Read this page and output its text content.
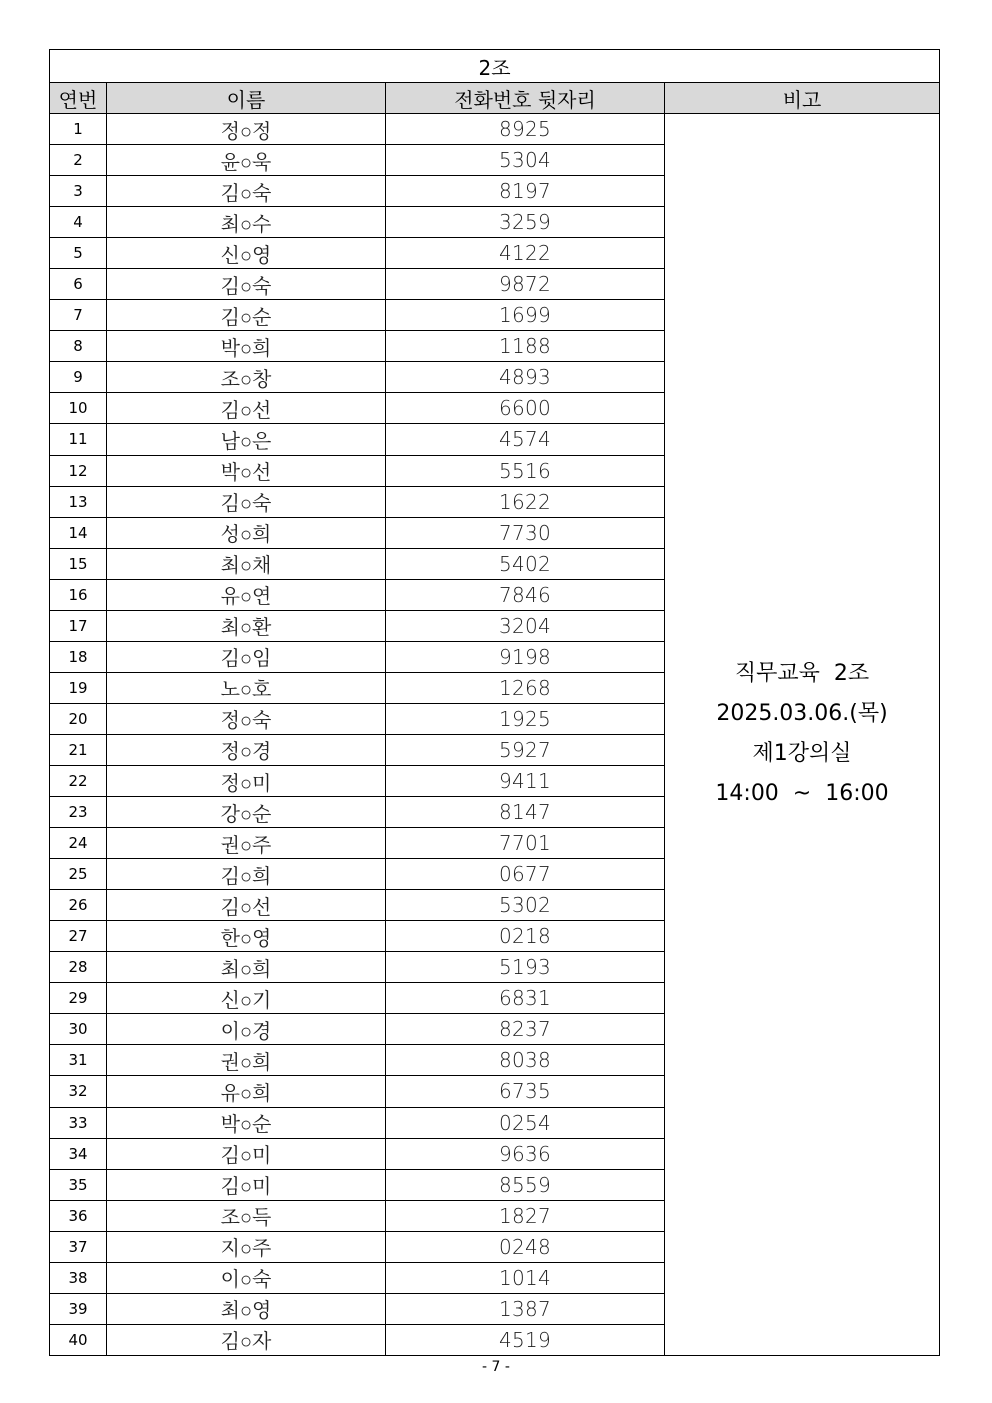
2조			
연번	이름	전화번호 뒷자리	비고
1	정○정	8925	직무교육  2조
2025.03.06.(목)
제1강의실
14:00  ~  16:00

2	윤○욱	5304	
3	김○숙	8197	
4	최○수	3259	
5	신○영	4122	
6	김○숙	9872	
7	김○순	1699	
8	박○희	1188	
9	조○창	4893	
10	김○선	6600	
11	남○은	4574	
12	박○선	5516	
13	김○숙	1622	
14	성○희	7730	
15	최○채	5402	
16	유○연	7846	
17	최○환	3204	
18	김○임	9198	
19	노○호	1268	
20	정○숙	1925	
21	정○경	5927	
22	정○미	9411	
23	강○순	8147	
24	권○주	7701	
25	김○희	0677	
26	김○선	5302	
27	한○영	0218	
28	최○희	5193	
29	신○기	6831	
30	이○경	8237	
31	권○희	8038	
32	유○희	6735	
33	박○순	0254	
34	김○미	9636	
35	김○미	8559	
36	조○득	1827	
37	지○주	0248	
38	이○숙	1014	
39	최○영	1387	
40	김○자	4519	
- 7 -
